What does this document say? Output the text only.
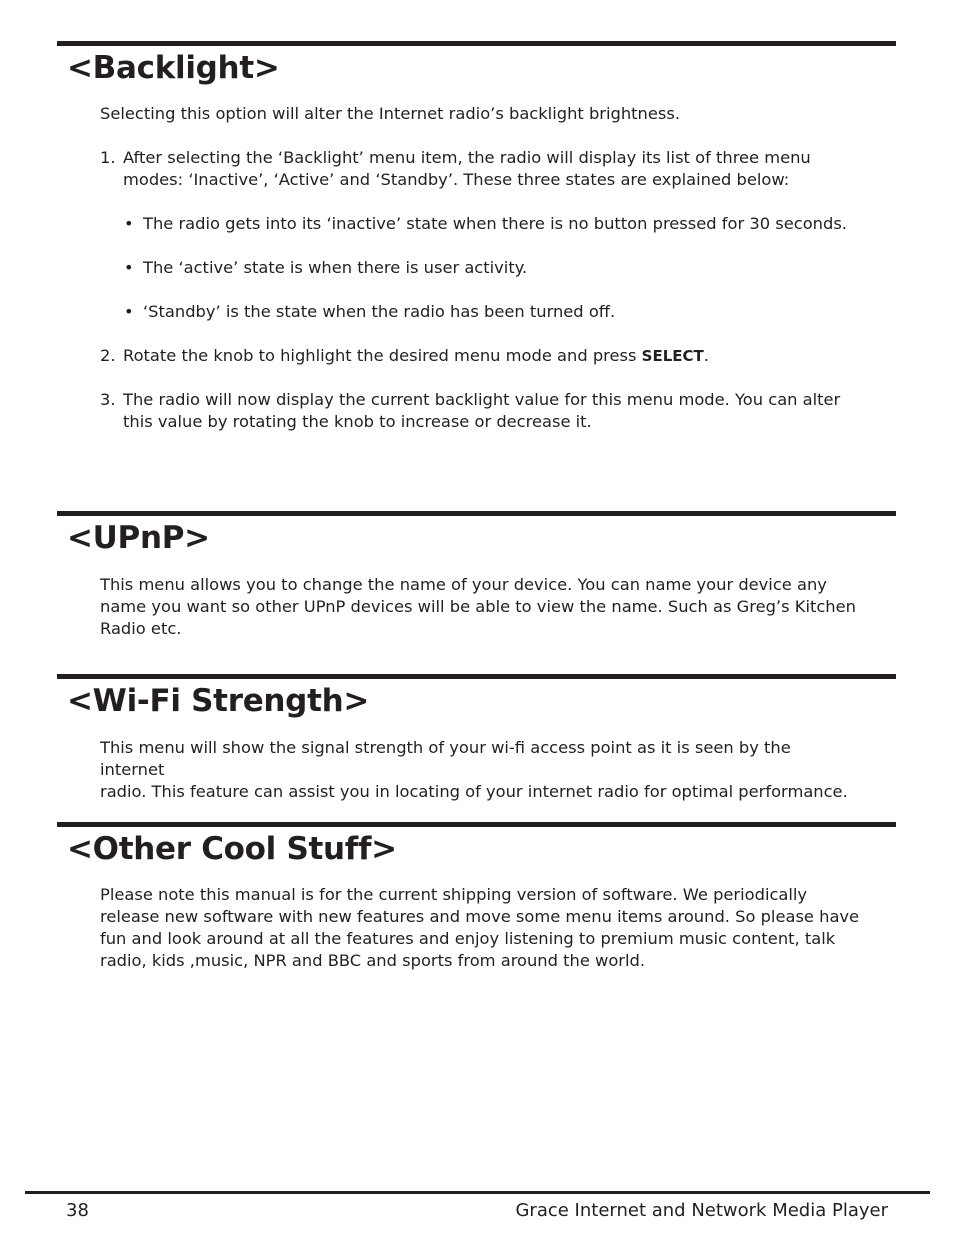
<Backlight>

Selecting this option will alter the Internet radio’s backlight brightness.

1. After selecting the ‘Backlight’ menu item, the radio will display its list of three menu
modes: ‘Inactive’, ‘Active’ and ‘Standby’. These three states are explained below:
• The radio gets into its ‘inactive’ state when there is no button pressed for 30 seconds.
• The ‘active’ state is when there is user activity.
• ‘Standby’ is the state when the radio has been turned off.
2. Rotate the knob to highlight the desired menu mode and press SELECT.
3. The radio will now display the current backlight value for this menu mode. You can alter
this value by rotating the knob to increase or decrease it.
<UPnP>

This menu allows you to change the name of your device. You can name your device any

name you want so other UPnP devices will be able to view the name. Such as Greg’s Kitchen

Radio etc.

<Wi-Fi Strength>

This menu will show the signal strength of your wi-fi access point as it is seen by the internet

radio. This feature can assist you in locating of your internet radio for optimal performance.

<Other Cool Stuff>

Please note this manual is for the current shipping version of software. We periodically

release new software with new features and move some menu items around. So please have

fun and look around at all the features and enjoy listening to premium music content, talk

radio, kids ,music, NPR and BBC and sports from around the world.

38	Grace Internet and Network Media Player
